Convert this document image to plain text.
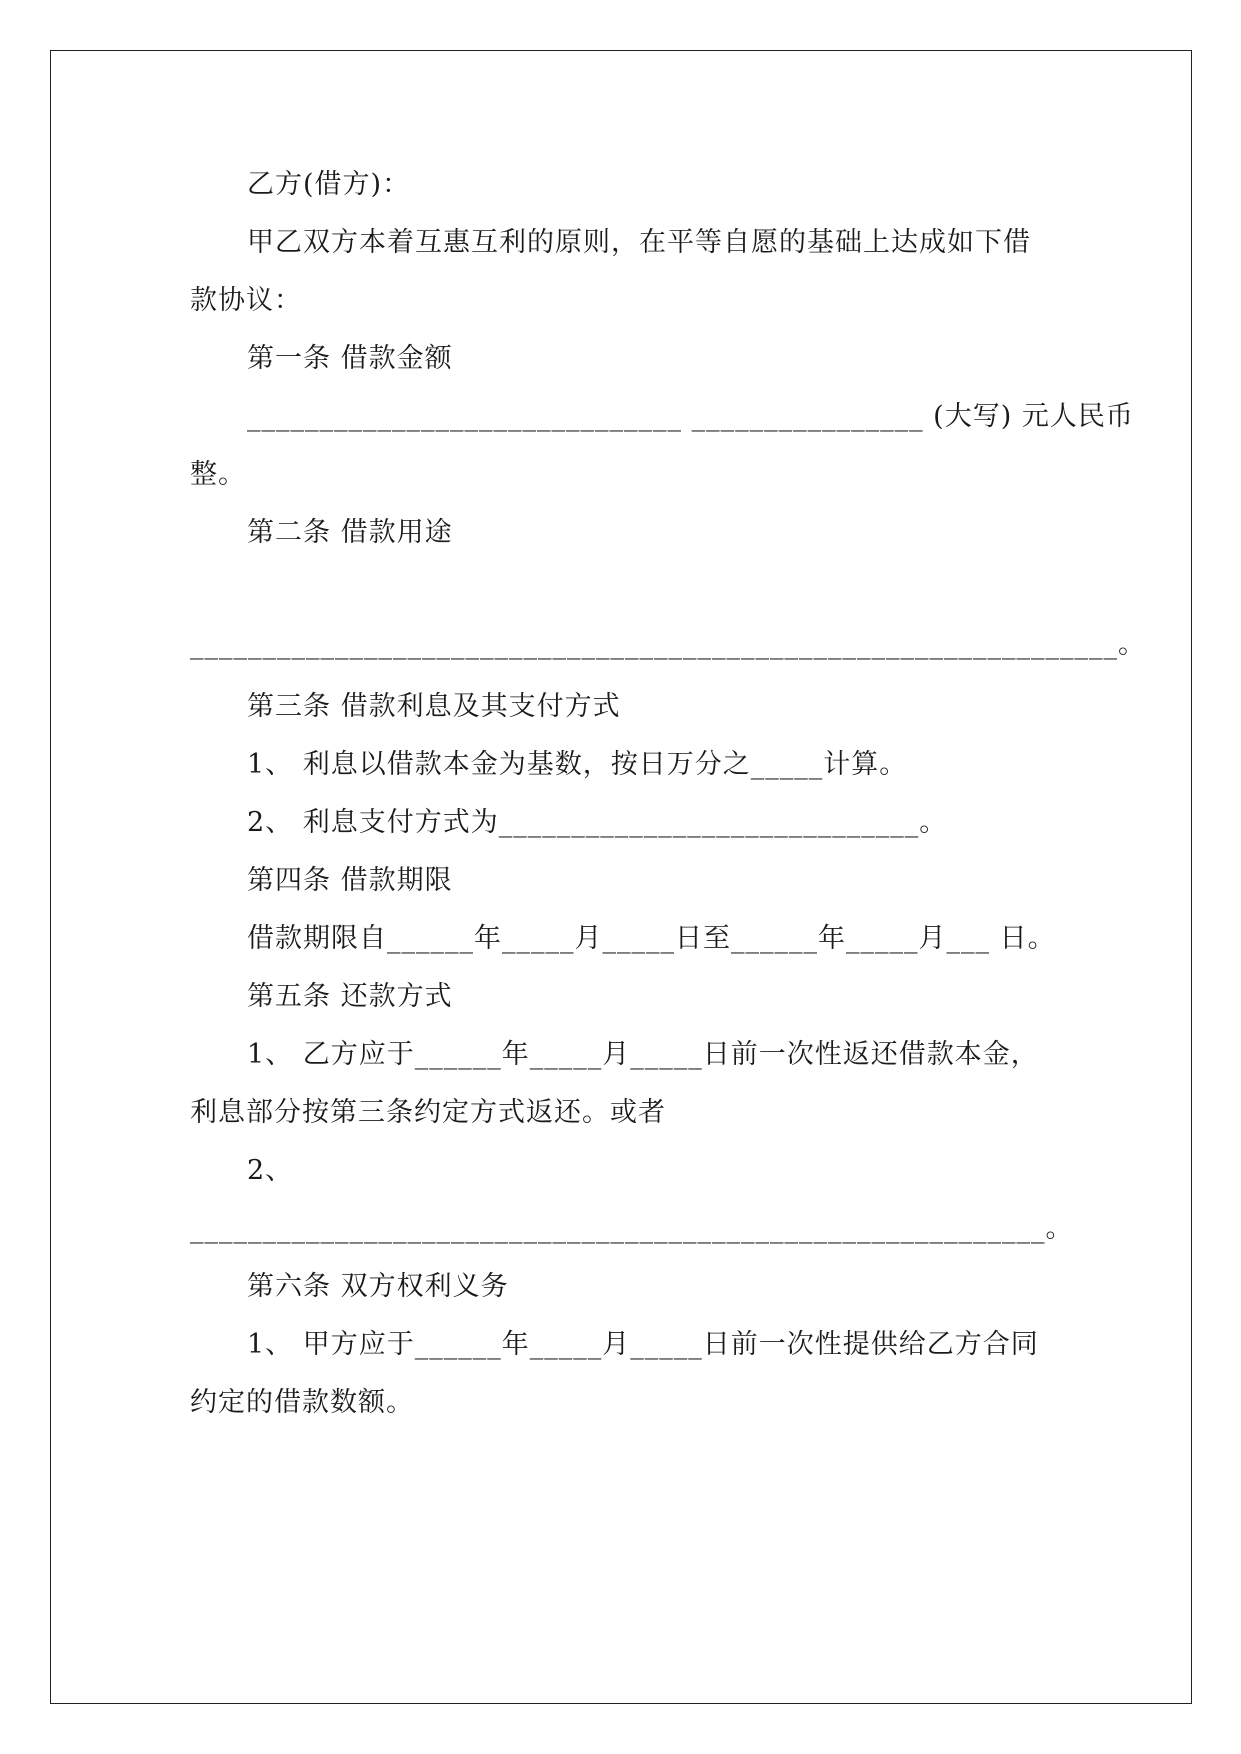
乙方(借方)：
甲乙双方本着互惠互利的原则，在平等自愿的基础上达成如下借
款协议：
第一条 借款金额
______________________________ ________________ (大写) 元人民币
整。
第二条 借款用途
________________________________________________________________。
第三条 借款利息及其支付方式
1、 利息以借款本金为基数，按日万分之_____计算。
2、 利息支付方式为_____________________________。
第四条 借款期限
借款期限自______年_____月_____日至______年_____月___ 日。
第五条 还款方式
1、 乙方应于______年_____月_____日前一次性返还借款本金，
利息部分按第三条约定方式返还。或者
2、
___________________________________________________________。
第六条 双方权利义务
1、 甲方应于______年_____月_____日前一次性提供给乙方合同
约定的借款数额。
